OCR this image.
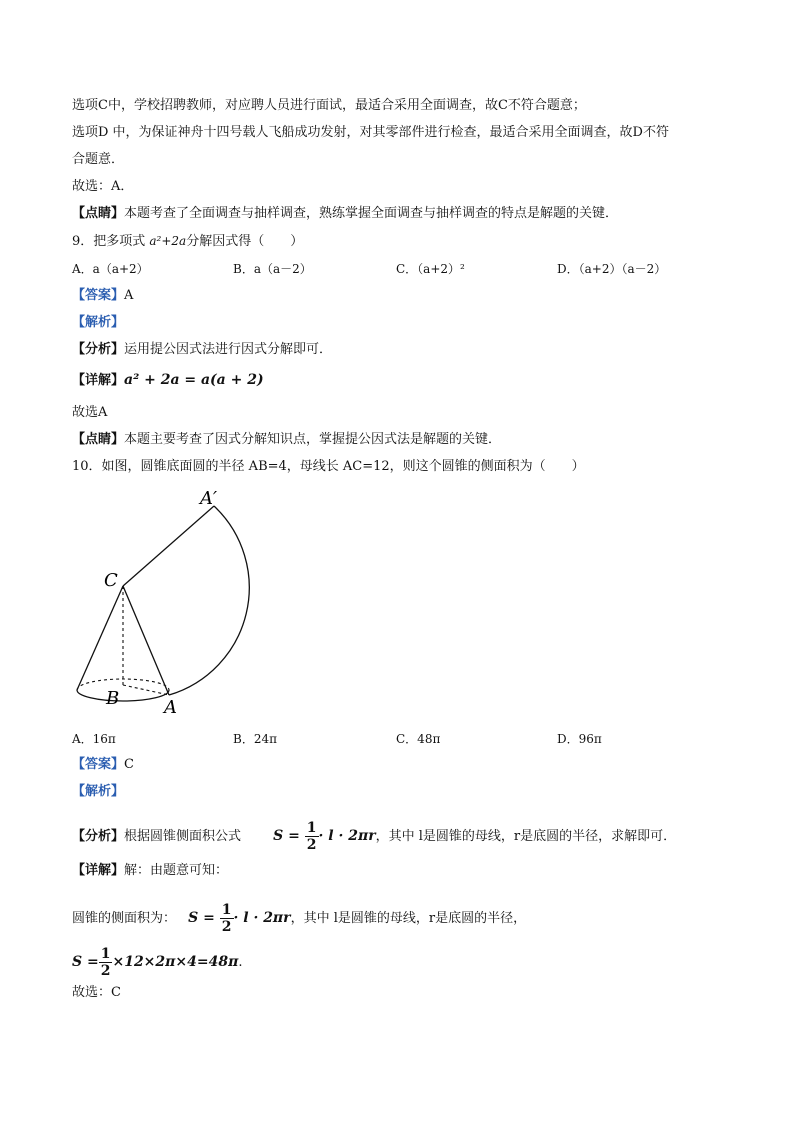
选项C中，学校招聘教师，对应聘人员进行面试，最适合采用全面调查，故C不符合题意；
选项D 中，为保证神舟十四号载人飞船成功发射，对其零部件进行检查，最适合采用全面调查，故D不符
合题意．
故选：A．
【点睛】本题考查了全面调查与抽样调查，熟练掌握全面调查与抽样调查的特点是解题的关键．
9．把多项式 a²+2a分解因式得（　　）
A．a（a+2）	B．a（a－2）	C．（a+2）²	D．（a+2）（a－2）
【答案】A
【解析】
【分析】运用提公因式法进行因式分解即可．
【详解】a² + 2a = a(a + 2)
故选A
【点睛】本题主要考查了因式分解知识点，掌握提公因式法是解题的关键．
10．如图，圆锥底面圆的半径 AB=4，母线长 AC=12，则这个圆锥的侧面积为（　　）
A′
C
B A
A．16π	B．24π	C．48π	D．96π
【答案】C
【解析】
【分析】根据圆锥侧面积公式 $S = \frac{1}{2} \cdot l \cdot 2\pi r$，其中 l是圆锥的母线，r是底圆的半径，求解即可．
【详解】解：由题意可知：
圆锥的侧面积为： $S = \frac{1}{2} \cdot l \cdot 2\pi r$，其中 l是圆锥的母线，r是底圆的半径，
$S = \frac{1}{2} \times 12\times 2\pi\times 4=48\pi$.
故选：C
